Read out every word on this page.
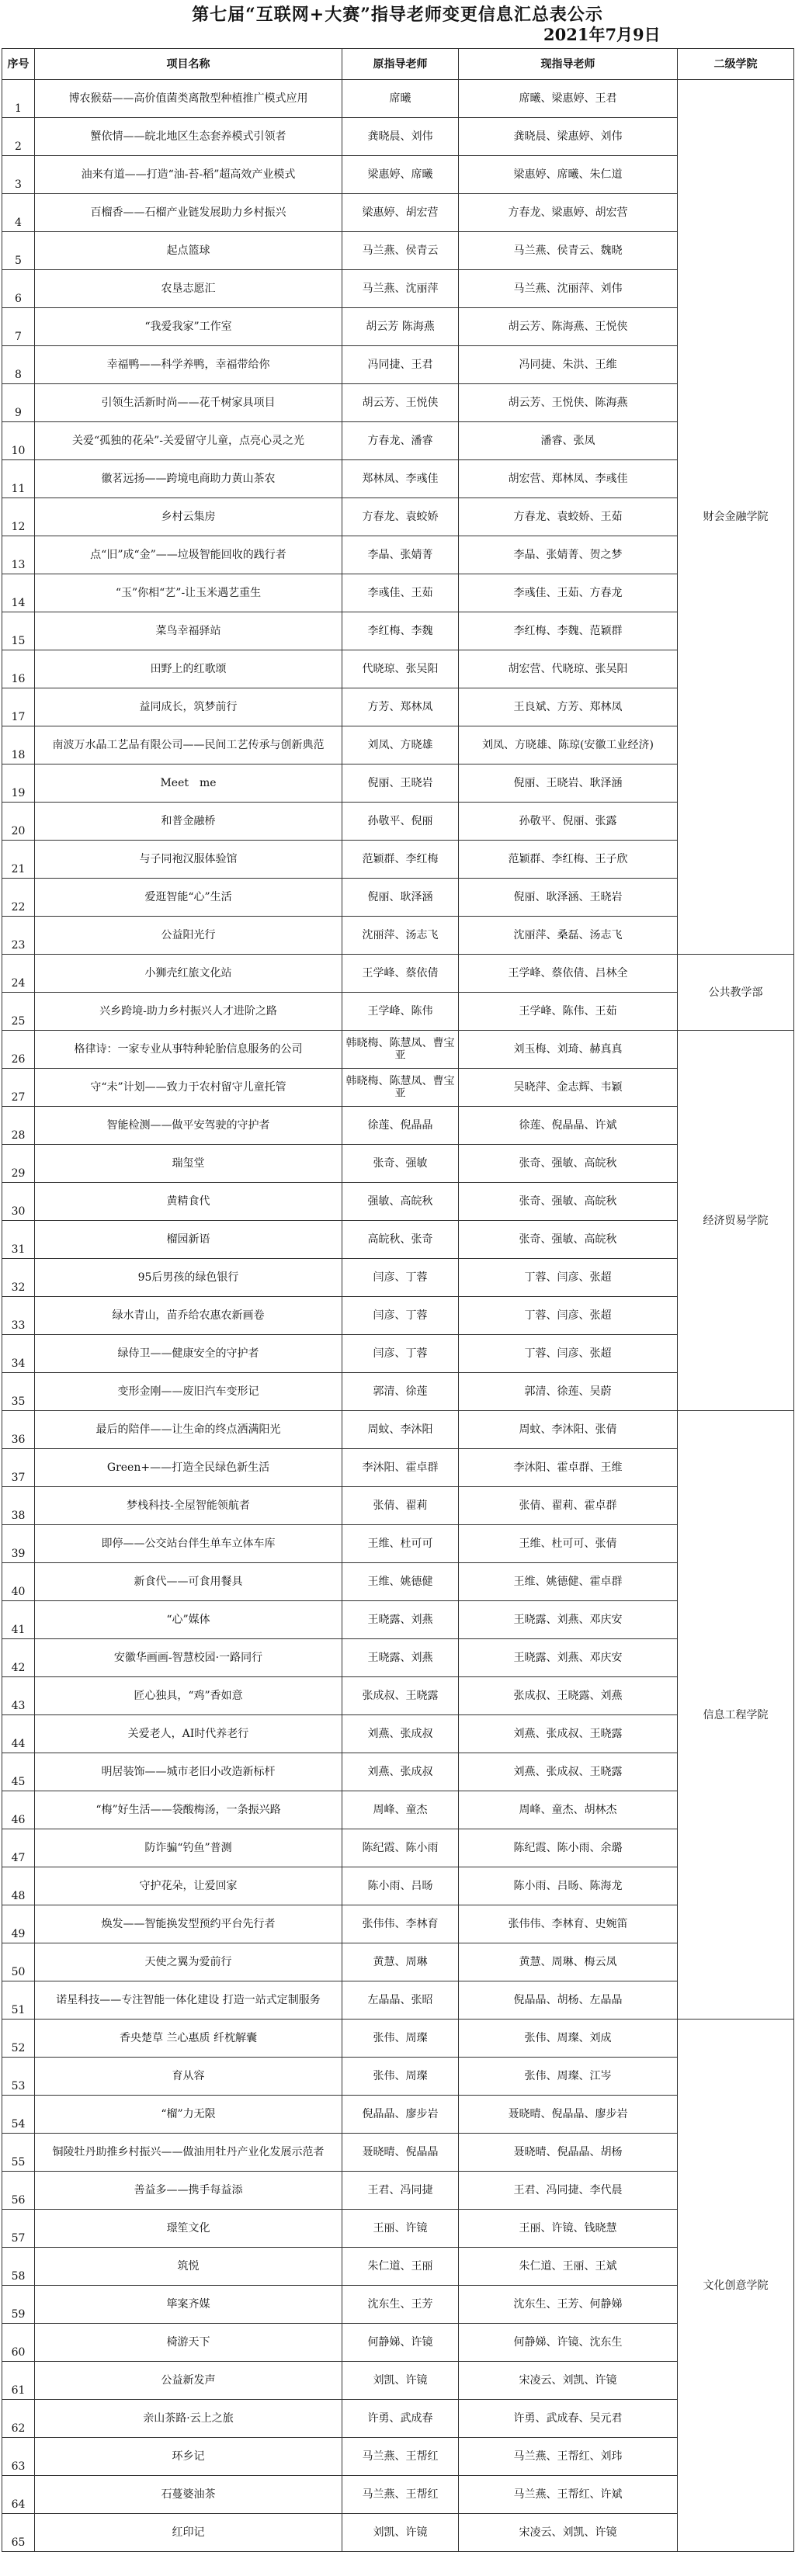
第七届“互联网+大赛”指导老师变更信息汇总表公示
2021年7月9日
序号	项目名称	原指导老师	现指导老师	二级学院
1	博农猴菇——高价值菌类离散型种植推广模式应用	席曦	席曦、梁惠婷、王君	财会金融学院
2	蟹依情——皖北地区生态套养模式引领者	龚晓晨、刘伟	龚晓晨、梁惠婷、刘伟	
3	油来有道——打造“油-苔-稻”超高效产业模式	梁惠婷、席曦	梁惠婷、席曦、朱仁道	
4	百榴香——石榴产业链发展助力乡村振兴	梁惠婷、胡宏营	方春龙、梁惠婷、胡宏营	
5	起点篮球	马兰燕、侯青云	马兰燕、侯青云、魏晓	
6	农垦志愿汇	马兰燕、沈丽萍	马兰燕、沈丽萍、刘伟	
7	“我爱我家”工作室	胡云芳 陈海燕	胡云芳、陈海燕、王悦侠	
8	幸福鸭——科学养鸭，幸福带给你	冯同捷、王君	冯同捷、朱洪、王维	
9	引领生活新时尚——花千树家具项目	胡云芳、王悦侠	胡云芳、王悦侠、陈海燕	
10	关爱“孤独的花朵”-关爱留守儿童，点亮心灵之光	方春龙、潘睿	潘睿、张凤	
11	徽茗远扬——跨境电商助力黄山茶农	郑林凤、李彧佳	胡宏营、郑林凤、李彧佳	
12	乡村云集房	方春龙、袁蛟娇	方春龙、袁蛟娇、王茹	
13	点“旧”成“金”——垃圾智能回收的践行者	李晶、张婧菁	李晶、张婧菁、贺之梦	
14	“玉”你相“艺”-让玉米遇艺重生	李彧佳、王茹	李彧佳、王茹、方春龙	
15	菜鸟幸福驿站	李红梅、李魏	李红梅、李魏、范颖群	
16	田野上的红歌颂	代晓琼、张吴阳	胡宏营、代晓琼、张吴阳	
17	益同成长，筑梦前行	方芳、郑林凤	王良斌、方芳、郑林凤	
18	南波万水晶工艺品有限公司——民间工艺传承与创新典范	刘凤、方晓雄	刘凤、方晓雄、陈琼(安徽工业经济)	
19	Meet　me	倪丽、王晓岩	倪丽、王晓岩、耿泽涵	
20	和普金融桥	孙敬平、倪丽	孙敬平、倪丽、张露	
21	与子同袍汉服体验馆	范颖群、李红梅	范颖群、李红梅、王子欣	
22	爱逛智能“心”生活	倪丽、耿泽涵	倪丽、耿泽涵、王晓岩	
23	公益阳光行	沈丽萍、汤志飞	沈丽萍、桑磊、汤志飞	
24	小狮壳红旅文化站	王学峰、蔡依倩	王学峰、蔡依倩、吕林全	公共教学部
25	兴乡跨境-助力乡村振兴人才进阶之路	王学峰、陈伟	王学峰、陈伟、王茹	
26	格律诗：一家专业从事特种轮胎信息服务的公司	韩晓梅、陈慧凤、曹宝亚	刘玉梅、刘琦、赫真真	经济贸易学院
27	守“未”计划——致力于农村留守儿童托管	韩晓梅、陈慧凤、曹宝亚	吴晓萍、金志辉、韦颖	
28	智能检测——做平安驾驶的守护者	徐莲、倪晶晶	徐莲、倪晶晶、许斌	
29	瑞玺堂	张奇、强敏	张奇、强敏、高皖秋	
30	黄精食代	强敏、高皖秋	张奇、强敏、高皖秋	
31	榴园新语	高皖秋、张奇	张奇、强敏、高皖秋	
32	95后男孩的绿色银行	闫彦、丁蓉	丁蓉、闫彦、张超	
33	绿水青山，苗乔给农惠农新画卷	闫彦、丁蓉	丁蓉、闫彦、张超	
34	绿侍卫——健康安全的守护者	闫彦、丁蓉	丁蓉、闫彦、张超	
35	变形金刚——废旧汽车变形记	郭清、徐莲	郭清、徐莲、吴蔚	
36	最后的陪伴——让生命的终点洒满阳光	周蚊、李沐阳	周蚊、李沐阳、张倩	信息工程学院
37	Green+——打造全民绿色新生活	李沐阳、霍卓群	李沐阳、霍卓群、王维	
38	梦栈科技-全屋智能领航者	张倩、翟莉	张倩、翟莉、霍卓群	
39	即停——公交站台伴生单车立体车库	王维、杜可可	王维、杜可可、张倩	
40	新食代——可食用餐具	王维、姚德健	王维、姚德健、霍卓群	
41	“心”媒体	王晓露、刘燕	王晓露、刘燕、邓庆安	
42	安徽华画画-智慧校园·一路同行	王晓露、刘燕	王晓露、刘燕、邓庆安	
43	匠心独具，“鸡”香如意	张成叔、王晓露	张成叔、王晓露、刘燕	
44	关爱老人，AI时代养老行	刘燕、张成叔	刘燕、张成叔、王晓露	
45	明居装饰——城市老旧小改造新标杆	刘燕、张成叔	刘燕、张成叔、王晓露	
46	“梅”好生活——袋酸梅汤，一条振兴路	周峰、童杰	周峰、童杰、胡林杰	
47	防诈骗“钓鱼”普测	陈纪霞、陈小雨	陈纪霞、陈小雨、余璐	
48	守护花朵，让爱回家	陈小雨、吕旸	陈小雨、吕旸、陈海龙	
49	焕发——智能换发型预约平台先行者	张伟伟、李林育	张伟伟、李林育、史婉笛	
50	天使之翼为爱前行	黄慧、周琳	黄慧、周琳、梅云凤	
51	诺星科技——专注智能一体化建设 打造一站式定制服务	左晶晶、张昭	倪晶晶、胡杨、左晶晶	
52	香央楚草 兰心惠质 纤枕解囊	张伟、周璨	张伟、周璨、刘成	文化创意学院
53	育从容	张伟、周璨	张伟、周璨、江岑	
54	“榴”力无限	倪晶晶、廖步岩	聂晓晴、倪晶晶、廖步岩	
55	铜陵牡丹助推乡村振兴——做油用牡丹产业化发展示范者	聂晓晴、倪晶晶	聂晓晴、倪晶晶、胡杨	
56	善益多——携手每益添	王君、冯同捷	王君、冯同捷、李代晨	
57	璟笙文化	王丽、许镜	王丽、许镜、钱晓慧	
58	筑悦	朱仁道、王丽	朱仁道、王丽、王斌	
59	筚案齐媒	沈东生、王芳	沈东生、王芳、何静娣	
60	椅游天下	何静娣、许镜	何静娣、许镜、沈东生	
61	公益新发声	刘凯、许镜	宋凌云、刘凯、许镜	
62	亲山茶路·云上之旅	许勇、武成春	许勇、武成春、吴元君	
63	环乡记	马兰燕、王帮红	马兰燕、王帮红、刘玮	
64	石蔓婆油茶	马兰燕、王帮红	马兰燕、王帮红、许斌	
65	红印记	刘凯、许镜	宋凌云、刘凯、许镜	
